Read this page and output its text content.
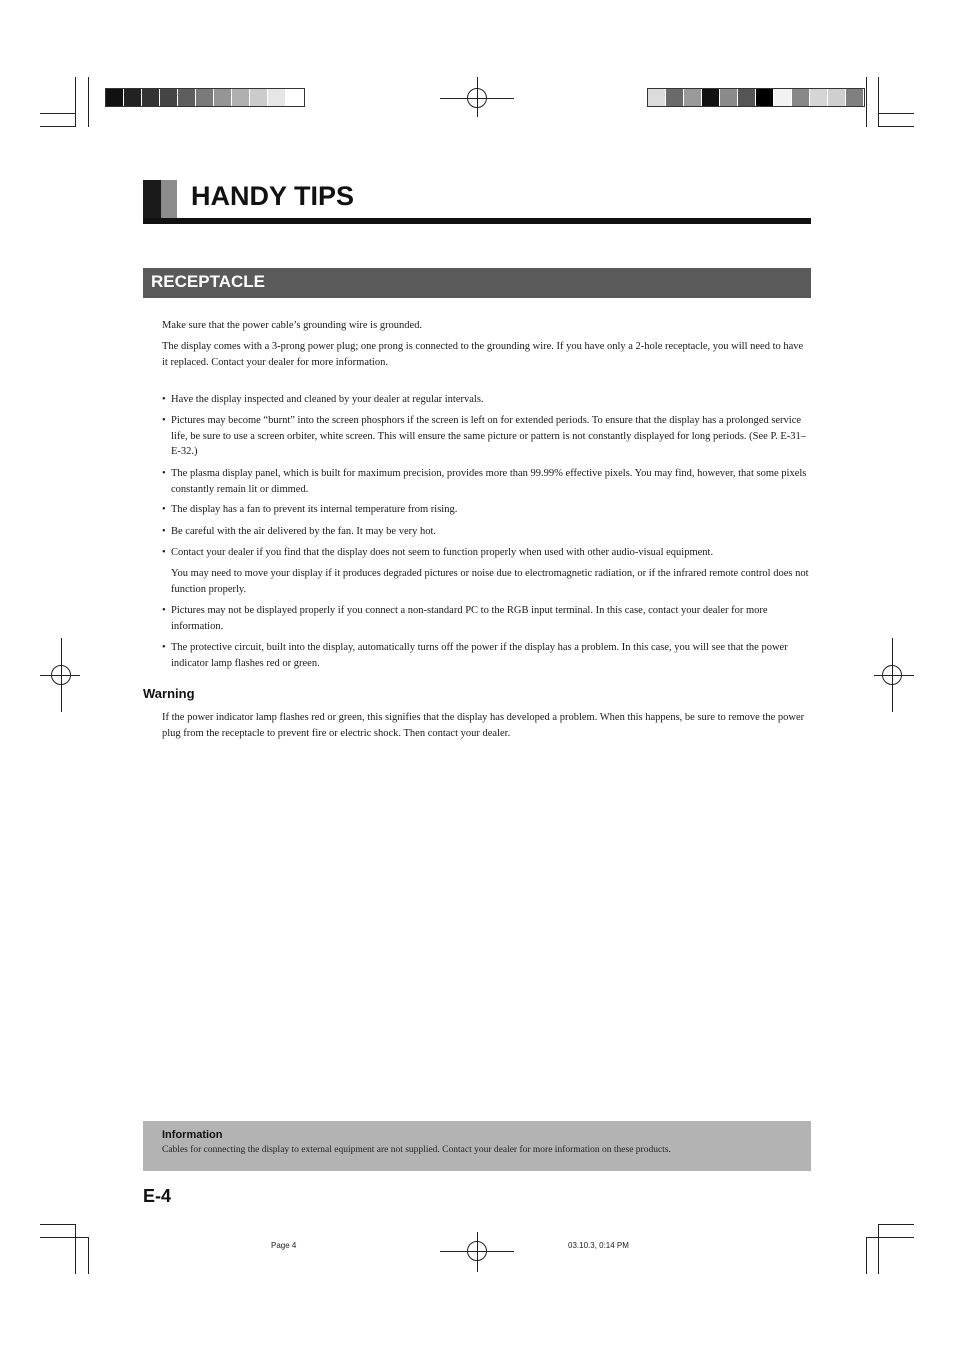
HANDY TIPS
RECEPTACLE

Make sure that the power cable’s grounding wire is grounded.

The display comes with a 3-prong power plug; one prong is connected to the grounding wire. If you have only a 2-hole receptacle, you will need to have it replaced. Contact your dealer for more information.

• Have the display inspected and cleaned by your dealer at regular intervals.
• Pictures may become “burnt” into the screen phosphors if the screen is left on for extended periods. To ensure that the display has a prolonged service life, be sure to use a screen orbiter, white screen. This will ensure the same picture or pattern is not constantly displayed for long periods. (See P. E-31–E-32.)
• The plasma display panel, which is built for maximum precision, provides more than 99.99% effective pixels. You may find, however, that some pixels constantly remain lit or dimmed.
• The display has a fan to prevent its internal temperature from rising.
• Be careful with the air delivered by the fan. It may be very hot.
• Contact your dealer if you find that the display does not seem to function properly when used with other audio-visual equipment.
You may need to move your display if it produces degraded pictures or noise due to electromagnetic radiation, or if the infrared remote control does not function properly.
• Pictures may not be displayed properly if you connect a non-standard PC to the RGB input terminal. In this case, contact your dealer for more information.
• The protective circuit, built into the display, automatically turns off the power if the display has a problem. In this case, you will see that the power indicator lamp flashes red or green.
Warning

If the power indicator lamp flashes red or green, this signifies that the display has developed a problem. When this happens, be sure to remove the power plug from the receptacle to prevent fire or electric shock. Then contact your dealer.

Information
Cables for connecting the display to external equipment are not supplied. Contact your dealer for more information on these products.
E-4
Page 4	03.10.3, 0:14 PM
